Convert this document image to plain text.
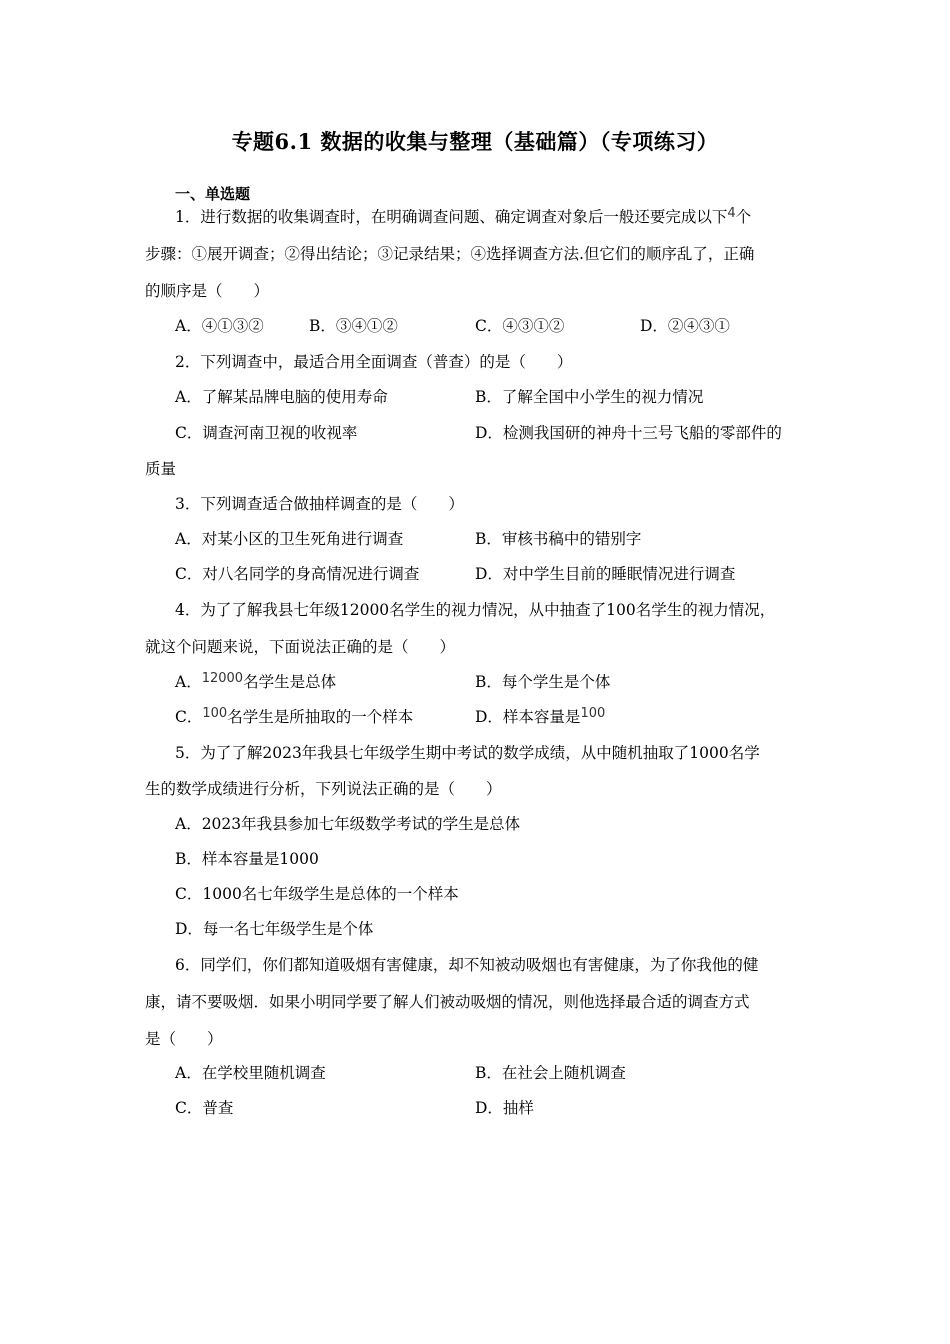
专题6.1 数据的收集与整理（基础篇）（专项练习）
一、单选题
1．进行数据的收集调查时，在明确调查问题、确定调查对象后一般还要完成以下$^4$个
步骤：①展开调查；②得出结论；③记录结果；④选择调查方法.但它们的顺序乱了，正确
的顺序是（　　）
A．④①③②	B．③④①②	C．④③①②	D．②④③①
2．下列调查中，最适合用全面调查（普查）的是（　　）
A．了解某品牌电脑的使用寿命	B．了解全国中小学生的视力情况
C．调查河南卫视的收视率	D．检测我国研的神舟十三号飞船的零部件的
质量
3．下列调查适合做抽样调查的是（　　）
A．对某小区的卫生死角进行调查	B．审核书稿中的错别字
C．对八名同学的身高情况进行调查	D．对中学生目前的睡眠情况进行调查
4．为了了解我县七年级12000名学生的视力情况，从中抽查了100名学生的视力情况，
就这个问题来说，下面说法正确的是（　　）
A．$^{12000}$名学生是总体	B．每个学生是个体
C．$^{100}$名学生是所抽取的一个样本	D．样本容量是$^{100}$
5．为了了解2023年我县七年级学生期中考试的数学成绩，从中随机抽取了1000名学
生的数学成绩进行分析，下列说法正确的是（　　）
A．2023年我县参加七年级数学考试的学生是总体
B．样本容量是1000
C．1000名七年级学生是总体的一个样本
D．每一名七年级学生是个体
6．同学们，你们都知道吸烟有害健康，却不知被动吸烟也有害健康，为了你我他的健
康，请不要吸烟．如果小明同学要了解人们被动吸烟的情况，则他选择最合适的调查方式
是（　　）
A．在学校里随机调查	B．在社会上随机调查
C．普查	D．抽样
